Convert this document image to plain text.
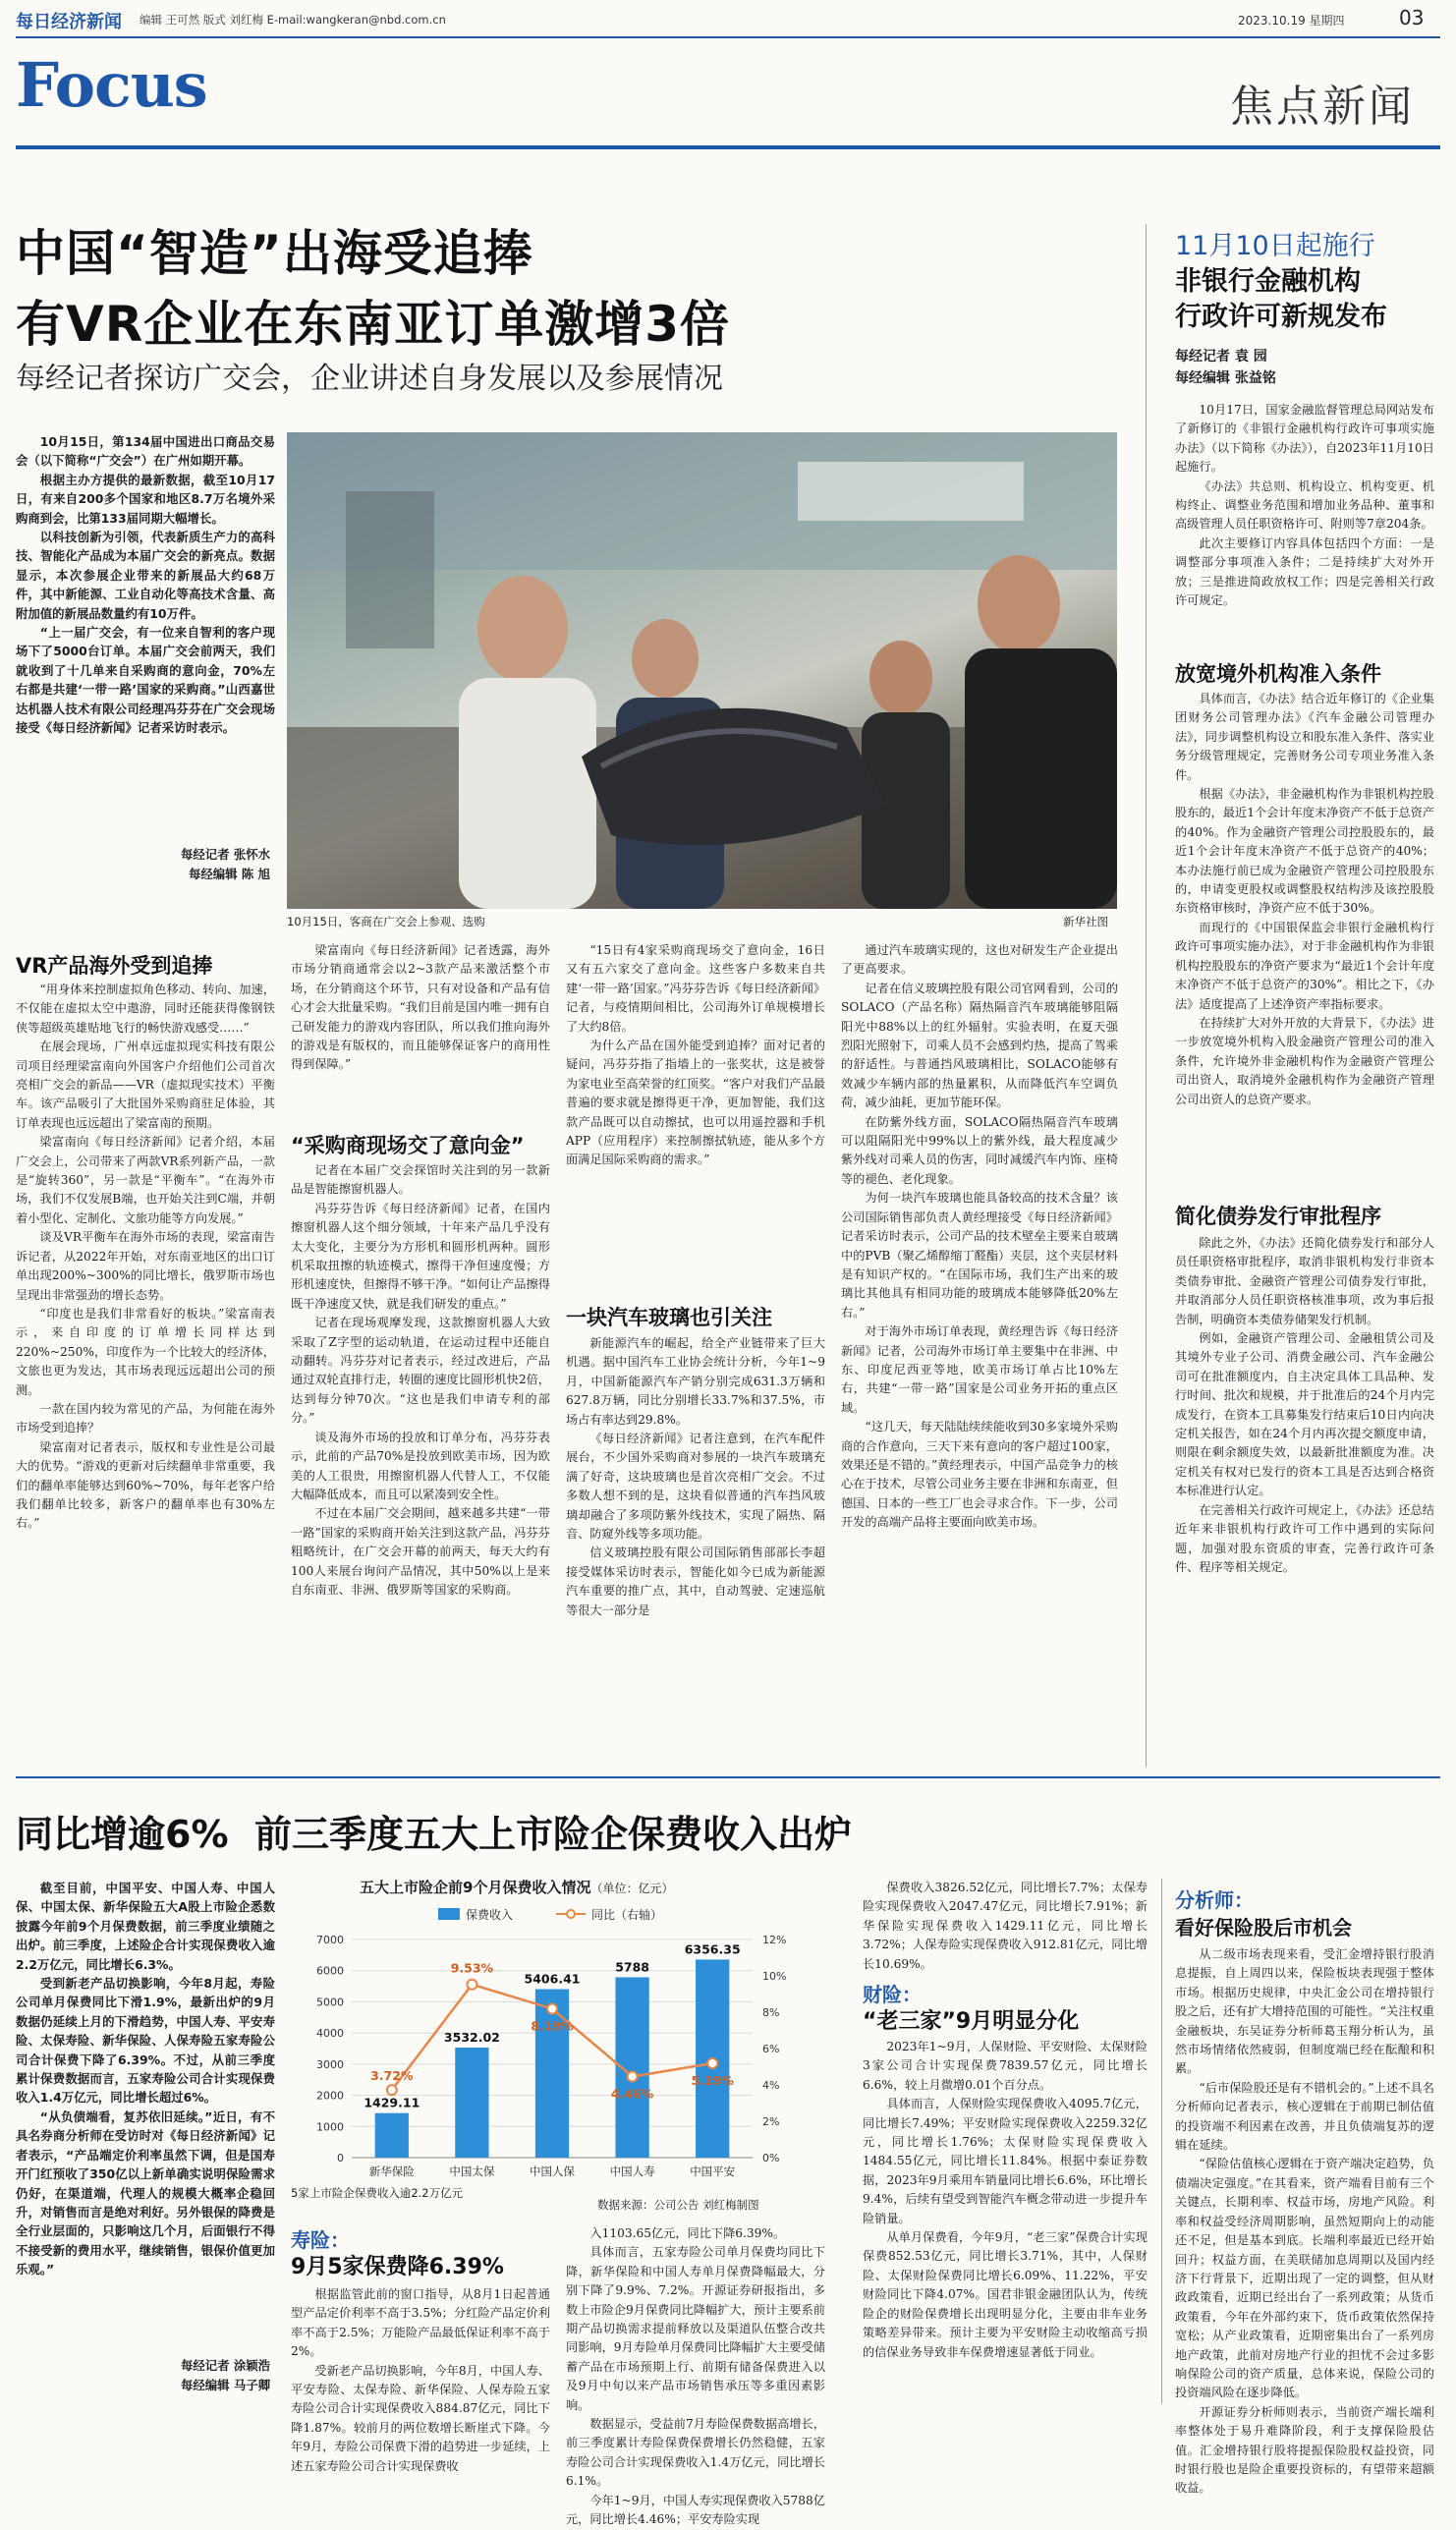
每日经济新闻 编辑 王可然 版式 刘红梅 E-mail:wangkeran@nbd.com.cn	2023.10.19 星期四	03
Focus	焦点新闻
中国“智造”出海受追捧
有VR企业在东南亚订单激增3倍
每经记者探访广交会，企业讲述自身发展以及参展情况

10月15日，第134届中国进出口商品交易会（以下简称“广交会”）在广州如期开幕。

根据主办方提供的最新数据，截至10月17日，有来自200多个国家和地区8.7万名境外采购商到会，比第133届同期大幅增长。

以科技创新为引领，代表新质生产力的高科技、智能化产品成为本届广交会的新亮点。数据显示，本次参展企业带来的新展品大约68万件，其中新能源、工业自动化等高技术含量、高附加值的新展品数量约有10万件。

“上一届广交会，有一位来自智利的客户现场下了5000台订单。本届广交会前两天，我们就收到了十几单来自采购商的意向金，70%左右都是共建‘一带一路’国家的采购商。”山西嘉世达机器人技术有限公司经理冯芬芬在广交会现场接受《每日经济新闻》记者采访时表示。

每经记者 张怀水
每经编辑 陈 旭
10月15日，客商在广交会上参观、选购	新华社图
VR产品海外受到追捧

“用身体来控制虚拟角色移动、转向、加速，不仅能在虚拟太空中遨游，同时还能获得像钢铁侠等超级英雄贴地飞行的畅快游戏感受……”

在展会现场，广州卓远虚拟现实科技有限公司项目经理梁富南向外国客户介绍他们公司首次亮相广交会的新品——VR（虚拟现实技术）平衡车。该产品吸引了大批国外采购商驻足体验，其订单表现也远远超出了梁富南的预期。

梁富南向《每日经济新闻》记者介绍，本届广交会上，公司带来了两款VR系列新产品，一款是“旋转360”，另一款是“平衡车”。“在海外市场，我们不仅发展B端，也开始关注到C端，并朝着小型化、定制化、文旅功能等方向发展。”

谈及VR平衡车在海外市场的表现，梁富南告诉记者，从2022年开始，对东南亚地区的出口订单出现200%~300%的同比增长，俄罗斯市场也呈现出非常强劲的增长态势。

“印度也是我们非常看好的板块。”梁富南表示，来自印度的订单增长同样达到220%~250%，印度作为一个比较大的经济体，文旅也更为发达，其市场表现远远超出公司的预测。

一款在国内较为常见的产品，为何能在海外市场受到追捧？

梁富南对记者表示，版权和专业性是公司最大的优势。“游戏的更新对后续翻单非常重要，我们的翻单率能够达到60%~70%，每年老客户给我们翻单比较多，新客户的翻单率也有30%左右。”

梁富南向《每日经济新闻》记者透露，海外市场分销商通常会以2~3款产品来激活整个市场，在分销商这个环节，只有对设备和产品有信心才会大批量采购。“我们目前是国内唯一拥有自己研发能力的游戏内容团队，所以我们推向海外的游戏是有版权的，而且能够保证客户的商用性得到保障。”

“采购商现场交了意向金”

记者在本届广交会探馆时关注到的另一款新品是智能擦窗机器人。

冯芬芬告诉《每日经济新闻》记者，在国内擦窗机器人这个细分领域，十年来产品几乎没有太大变化，主要分为方形机和圆形机两种。圆形机采取扭擦的轨迹模式，擦得干净但速度慢；方形机速度快，但擦得不够干净。“如何让产品擦得既干净速度又快，就是我们研发的重点。”

记者在现场观摩发现，这款擦窗机器人大致采取了Z字型的运动轨道，在运动过程中还能自动翻转。冯芬芬对记者表示，经过改进后，产品通过双轮直排行走，转圈的速度比圆形机快2倍，达到每分钟70次。“这也是我们申请专利的部分。”

谈及海外市场的投放和订单分布，冯芬芬表示，此前的产品70%是投放到欧美市场，因为欧美的人工很贵，用擦窗机器人代替人工，不仅能大幅降低成本，而且可以紧凑到安全性。

不过在本届广交会期间，越来越多共建“一带一路”国家的采购商开始关注到这款产品，冯芬芬粗略统计，在广交会开幕的前两天，每天大约有100人来展台询问产品情况，其中50%以上是来自东南亚、非洲、俄罗斯等国家的采购商。

“15日有4家采购商现场交了意向金，16日又有五六家交了意向金。这些客户多数来自共建‘一带一路’国家。”冯芬芬告诉《每日经济新闻》记者，与疫情期间相比，公司海外订单规模增长了大约8倍。

为什么产品在国外能受到追捧？面对记者的疑问，冯芬芬指了指墙上的一张奖状，这是被誉为家电业至高荣誉的红顶奖。“客户对我们产品最普遍的要求就是擦得更干净，更加智能，我们这款产品既可以自动擦拭，也可以用遥控器和手机APP（应用程序）来控制擦拭轨迹，能从多个方面满足国际采购商的需求。”

一块汽车玻璃也引关注

新能源汽车的崛起，给全产业链带来了巨大机遇。据中国汽车工业协会统计分析，今年1~9月，中国新能源汽车产销分别完成631.3万辆和627.8万辆，同比分别增长33.7%和37.5%，市场占有率达到29.8%。

《每日经济新闻》记者注意到，在汽车配件展台，不少国外采购商对参展的一块汽车玻璃充满了好奇，这块玻璃也是首次亮相广交会。不过多数人想不到的是，这块看似普通的汽车挡风玻璃却融合了多项防紫外线技术，实现了隔热、隔音、防窥外线等多项功能。

信义玻璃控股有限公司国际销售部部长李超接受媒体采访时表示，智能化如今已成为新能源汽车重要的推广点，其中，自动驾驶、定速巡航等很大一部分是

通过汽车玻璃实现的，这也对研发生产企业提出了更高要求。

记者在信义玻璃控股有限公司官网看到，公司的SOLACO（产品名称）隔热隔音汽车玻璃能够阻隔阳光中88%以上的红外辐射。实验表明，在夏天强烈阳光照射下，司乘人员不会感到灼热，提高了驾乘的舒适性。与普通挡风玻璃相比，SOLACO能够有效减少车辆内部的热量累积，从而降低汽车空调负荷，减少油耗，更加节能环保。

在防紫外线方面，SOLACO隔热隔音汽车玻璃可以阻隔阳光中99%以上的紫外线，最大程度减少紫外线对司乘人员的伤害，同时减缓汽车内饰、座椅等的褪色、老化现象。

为何一块汽车玻璃也能具备较高的技术含量？该公司国际销售部负责人黄经理接受《每日经济新闻》记者采访时表示，公司产品的技术壁垒主要来自玻璃中的PVB（聚乙烯醇缩丁醛酯）夹层，这个夹层材料是有知识产权的。“在国际市场，我们生产出来的玻璃比其他具有相同功能的玻璃成本能够降低20%左右。”

对于海外市场订单表现，黄经理告诉《每日经济新闻》记者，公司海外市场订单主要集中在非洲、中东、印度尼西亚等地，欧美市场订单占比10%左右，共建“一带一路”国家是公司业务开拓的重点区域。

“这几天，每天陆陆续续能收到30多家境外采购商的合作意向，三天下来有意向的客户超过100家，效果还是不错的。”黄经理表示，中国产品竞争力的核心在于技术，尽管公司业务主要在非洲和东南亚，但德国、日本的一些工厂也会寻求合作。下一步，公司开发的高端产品将主要面向欧美市场。

11月10日起施行
非银行金融机构
行政许可新规发布
每经记者 袁 园
每经编辑 张益铭

10月17日，国家金融监督管理总局网站发布了新修订的《非银行金融机构行政许可事项实施办法》（以下简称《办法》），自2023年11月10日起施行。

《办法》共总则、机构设立、机构变更、机构终止、调整业务范围和增加业务品种、董事和高级管理人员任职资格许可、附则等7章204条。

此次主要修订内容具体包括四个方面：一是调整部分事项准入条件；二是持续扩大对外开放；三是推进简政放权工作；四是完善相关行政许可规定。

放宽境外机构准入条件

具体而言，《办法》结合近年修订的《企业集团财务公司管理办法》《汽车金融公司管理办法》，同步调整机构设立和股东准入条件、落实业务分级管理规定，完善财务公司专项业务准入条件。

根据《办法》，非金融机构作为非银机构控股股东的，最近1个会计年度末净资产不低于总资产的40%。作为金融资产管理公司控股股东的，最近1个会计年度末净资产不低于总资产的40%；本办法施行前已成为金融资产管理公司控股股东的，申请变更股权或调整股权结构涉及该控股股东资格审核时，净资产应不低于30%。

而现行的《中国银保监会非银行金融机构行政许可事项实施办法》，对于非金融机构作为非银机构控股股东的净资产要求为“最近1个会计年度末净资产不低于总资产的30%”。相比之下，《办法》适度提高了上述净资产率指标要求。

在持续扩大对外开放的大背景下，《办法》进一步放宽境外机构入股金融资产管理公司的准入条件，允许境外非金融机构作为金融资产管理公司出资人，取消境外金融机构作为金融资产管理公司出资人的总资产要求。

简化债券发行审批程序

除此之外，《办法》还简化债券发行和部分人员任职资格审批程序，取消非银机构发行非资本类债券审批、金融资产管理公司债券发行审批，并取消部分人员任职资格核准事项，改为事后报告制，明确资本类债券储架发行机制。

例如，金融资产管理公司、金融租赁公司及其境外专业子公司、消费金融公司、汽车金融公司可在批准额度内，自主决定具体工具品种、发行时间、批次和规模，并于批准后的24个月内完成发行，在资本工具募集发行结束后10日内向决定机关报告，如在24个月内再次提交额度申请，则限在剩余额度失效，以最新批准额度为准。决定机关有权对已发行的资本工具是否达到合格资本标准进行认定。

在完善相关行政许可规定上，《办法》还总结近年来非银机构行政许可工作中遇到的实际问题，加强对股东资质的审查，完善行政许可条件、程序等相关规定。

同比增逾6%  前三季度五大上市险企保费收入出炉

截至目前，中国平安、中国人寿、中国人保、中国太保、新华保险五大A股上市险企悉数披露今年前9个月保费数据，前三季度业绩随之出炉。前三季度，上述险企合计实现保费收入逾2.2万亿元，同比增长6.3%。

受到新老产品切换影响，今年8月起，寿险公司单月保费同比下滑1.9%，最新出炉的9月数据仍延续上月的下滑趋势，中国人寿、平安寿险、太保寿险、新华保险、人保寿险五家寿险公司合计保费下降了6.39%。不过，从前三季度累计保费数据而言，五家寿险公司合计实现保费收入1.4万亿元，同比增长超过6%。

“从负债端看，复苏依旧延续。”近日，有不具名券商分析师在受访时对《每日经济新闻》记者表示，“产品端定价利率虽然下调，但是国寿开门红预收了350亿以上新单确实说明保险需求仍好，在渠道端，代理人的规模大概率企稳回升，对销售而言是绝对利好。另外银保的降费是全行业层面的，只影响这几个月，后面银行不得不接受新的费用水平，继续销售，银保价值更加乐观。”

每经记者 涂颖浩
每经编辑 马子卿
五大上市险企前9个月保费收入情况（单位：亿元）
保费收入	同比（右轴）
0
1000
2000
3000
4000
5000
6000
7000
0%
2%
4%
6%
8%
10%
12%
1429.11
新华保险
3532.02
中国太保
5406.41
中国人保
5788
中国人寿
6356.35
中国平安
3.72%
9.53%
8.19%
4.46%
5.19%
5家上市险企保费收入逾2.2万亿元
数据来源：公司公告 刘红梅制图
寿险：
9月5家保费降6.39%

根据监管此前的窗口指导，从8月1日起普通型产品定价利率不高于3.5%；分红险产品定价利率不高于2.5%；万能险产品最低保证利率不高于2%。

受新老产品切换影响，今年8月，中国人寿、平安寿险、太保寿险、新华保险、人保寿险五家寿险公司合计实现保费收入884.87亿元，同比下降1.87%。较前月的两位数增长断崖式下降。今年9月，寿险公司保费下滑的趋势进一步延续，上述五家寿险公司合计实现保费收

入1103.65亿元，同比下降6.39%。

具体而言，五家寿险公司单月保费均同比下降，新华保险和中国人寿单月保费降幅最大，分别下降了9.9%、7.2%。开源证券研报指出，多数上市险企9月保费同比降幅扩大，预计主要系前期产品切换需求提前释放以及渠道队伍整合改共同影响，9月寿险单月保费同比降幅扩大主要受储蓄产品在市场预期上行、前期有储备保费进入以及9月中旬以来产品市场销售承压等多重因素影响。

数据显示，受益前7月寿险保费数据高增长，前三季度累计寿险保费保费增长仍然稳健，五家寿险公司合计实现保费收入1.4万亿元，同比增长6.1%。

今年1~9月，中国人寿实现保费收入5788亿元，同比增长4.46%；平安寿险实现

保费收入3826.52亿元，同比增长7.7%；太保寿险实现保费收入2047.47亿元，同比增长7.91%；新华保险实现保费收入1429.11亿元，同比增长3.72%；人保寿险实现保费收入912.81亿元，同比增长10.69%。

财险：
“老三家”9月明显分化

2023年1~9月，人保财险、平安财险、太保财险3家公司合计实现保费7839.57亿元，同比增长6.6%，较上月微增0.01个百分点。

具体而言，人保财险实现保费收入4095.7亿元，同比增长7.49%；平安财险实现保费收入2259.32亿元，同比增长1.76%；太保财险实现保费收入1484.55亿元，同比增长11.84%。根据中泰证券数据，2023年9月乘用车销量同比增长6.6%，环比增长9.4%，后续有望受到智能汽车概念带动进一步提升车险销量。

从单月保费看，今年9月，“老三家”保费合计实现保费852.53亿元，同比增长3.71%，其中，人保财险、太保财险保费同比增长6.09%、11.22%，平安财险同比下降4.07%。国君非银金融团队认为，传统险企的财险保费增长出现明显分化，主要由非车业务策略差异带来。预计主要为平安财险主动收缩高亏损的信保业务导致非车保费增速显著低于同业。

分析师：
看好保险股后市机会

从二级市场表现来看，受汇金增持银行股消息提振，自上周四以来，保险板块表现强于整体市场。根据历史规律，中央汇金公司在增持银行股之后，还有扩大增持范围的可能性。“关注权重金融板块，东吴证券分析师葛玉翔分析认为，虽然市场情绪依然疲弱，但制度端已经在酝酿和积累。

“后市保险股还是有不错机会的。”上述不具名分析师向记者表示，核心逻辑在于前期已制估值的投资端不利因素在改善，并且负债端复苏的逻辑在延续。

“保险估值核心逻辑在于资产端决定趋势，负债端决定强度。”在其看来，资产端看目前有三个关键点，长期利率、权益市场，房地产风险。利率和权益受经济周期影响，虽然短期向上的动能还不足，但是基本到底。长端利率最近已经开始回升；权益方面，在美联储加息周期以及国内经济下行背景下，近期出现了一定的调整，但从财政政策看，近期已经出台了一系列政策；从货币政策看，今年在外部约束下，货币政策依然保持宽松；从产业政策看，近期密集出台了一系列房地产政策，此前对房地产行业的担忧不会过多影响保险公司的资产质量，总体来说，保险公司的投资端风险在逐步降低。

开源证券分析师则表示，当前资产端长端利率整体处于易升难降阶段，利于支撑保险股估值。汇金增持银行股将提振保险股权益投资，同时银行股也是险企重要投资标的，有望带来超额收益。
